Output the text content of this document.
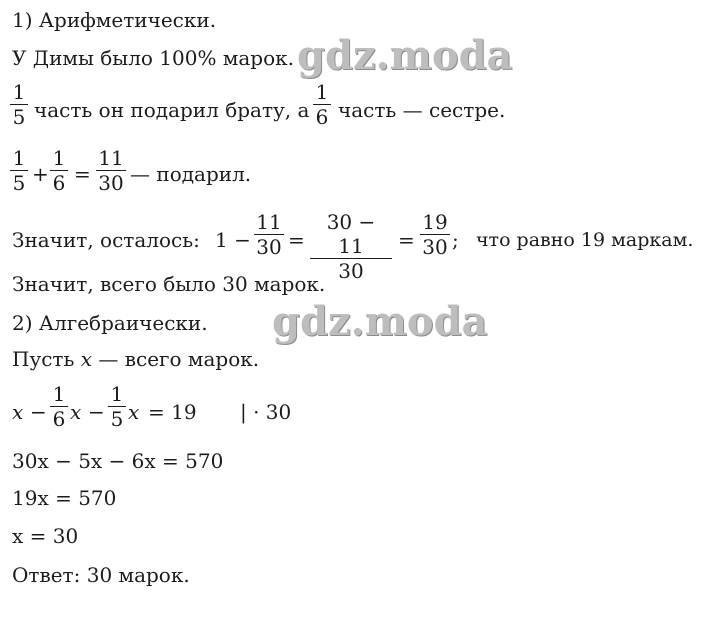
gdz.moda
gdz.moda
1) Арифметически.
У Димы было 100% марок.
$\frac{1}{5}$ часть он подарил брату, а $\frac{1}{6}$ часть — сестре.
$\frac{1}{5} + \frac{1}{6} = \frac{11}{30}$ — подарил.
Значит, осталось: $1 - \frac{11}{30} = \frac{30 - 11}{30} = \frac{19}{30}$ ; что равно 19 маркам.
Значит, всего было 30 марок.
2) Алгебраически.
Пусть x — всего марок.
$x - \frac{1}{6}$ $x - \frac{1}{5}$ x = 19 | · 30
30x − 5x − 6x = 570
19x = 570
x = 30
Ответ: 30 марок.
